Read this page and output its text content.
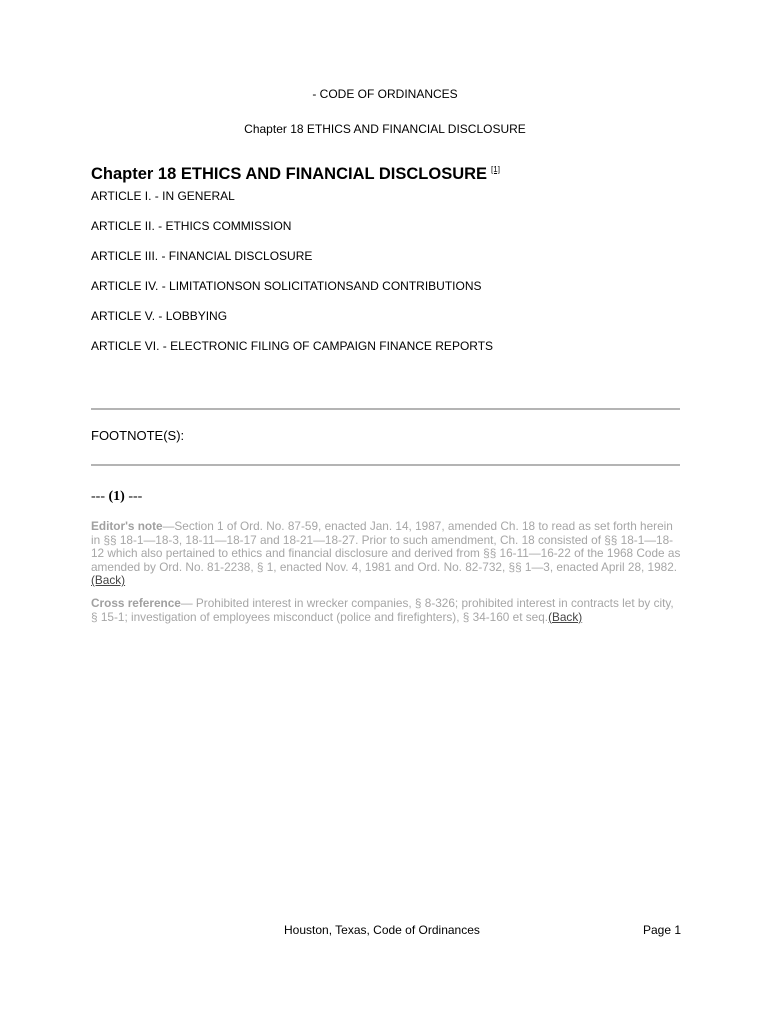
- CODE OF ORDINANCES
Chapter 18 ETHICS AND FINANCIAL DISCLOSURE
Chapter 18 ETHICS AND FINANCIAL DISCLOSURE [1]
ARTICLE I. - IN GENERAL
ARTICLE II. - ETHICS COMMISSION
ARTICLE III. - FINANCIAL DISCLOSURE
ARTICLE IV. - LIMITATIONSON SOLICITATIONSAND CONTRIBUTIONS
ARTICLE V. - LOBBYING
ARTICLE VI. - ELECTRONIC FILING OF CAMPAIGN FINANCE REPORTS
FOOTNOTE(S):
--- (1) ---
Editor's note—Section 1 of Ord. No. 87-59, enacted Jan. 14, 1987, amended Ch. 18 to read as set forth herein in §§ 18-1—18-3, 18-11—18-17 and 18-21—18-27. Prior to such amendment, Ch. 18 consisted of §§ 18-1—18-12 which also pertained to ethics and financial disclosure and derived from §§ 16-11—16-22 of the 1968 Code as amended by Ord. No. 81-2238, § 1, enacted Nov. 4, 1981 and Ord. No. 82-732, §§ 1—3, enacted April 28, 1982.(Back)
Cross reference— Prohibited interest in wrecker companies, § 8-326; prohibited interest in contracts let by city, § 15-1; investigation of employees misconduct (police and firefighters), § 34-160 et seq.(Back)
Houston, Texas, Code of Ordinances	Page 1
